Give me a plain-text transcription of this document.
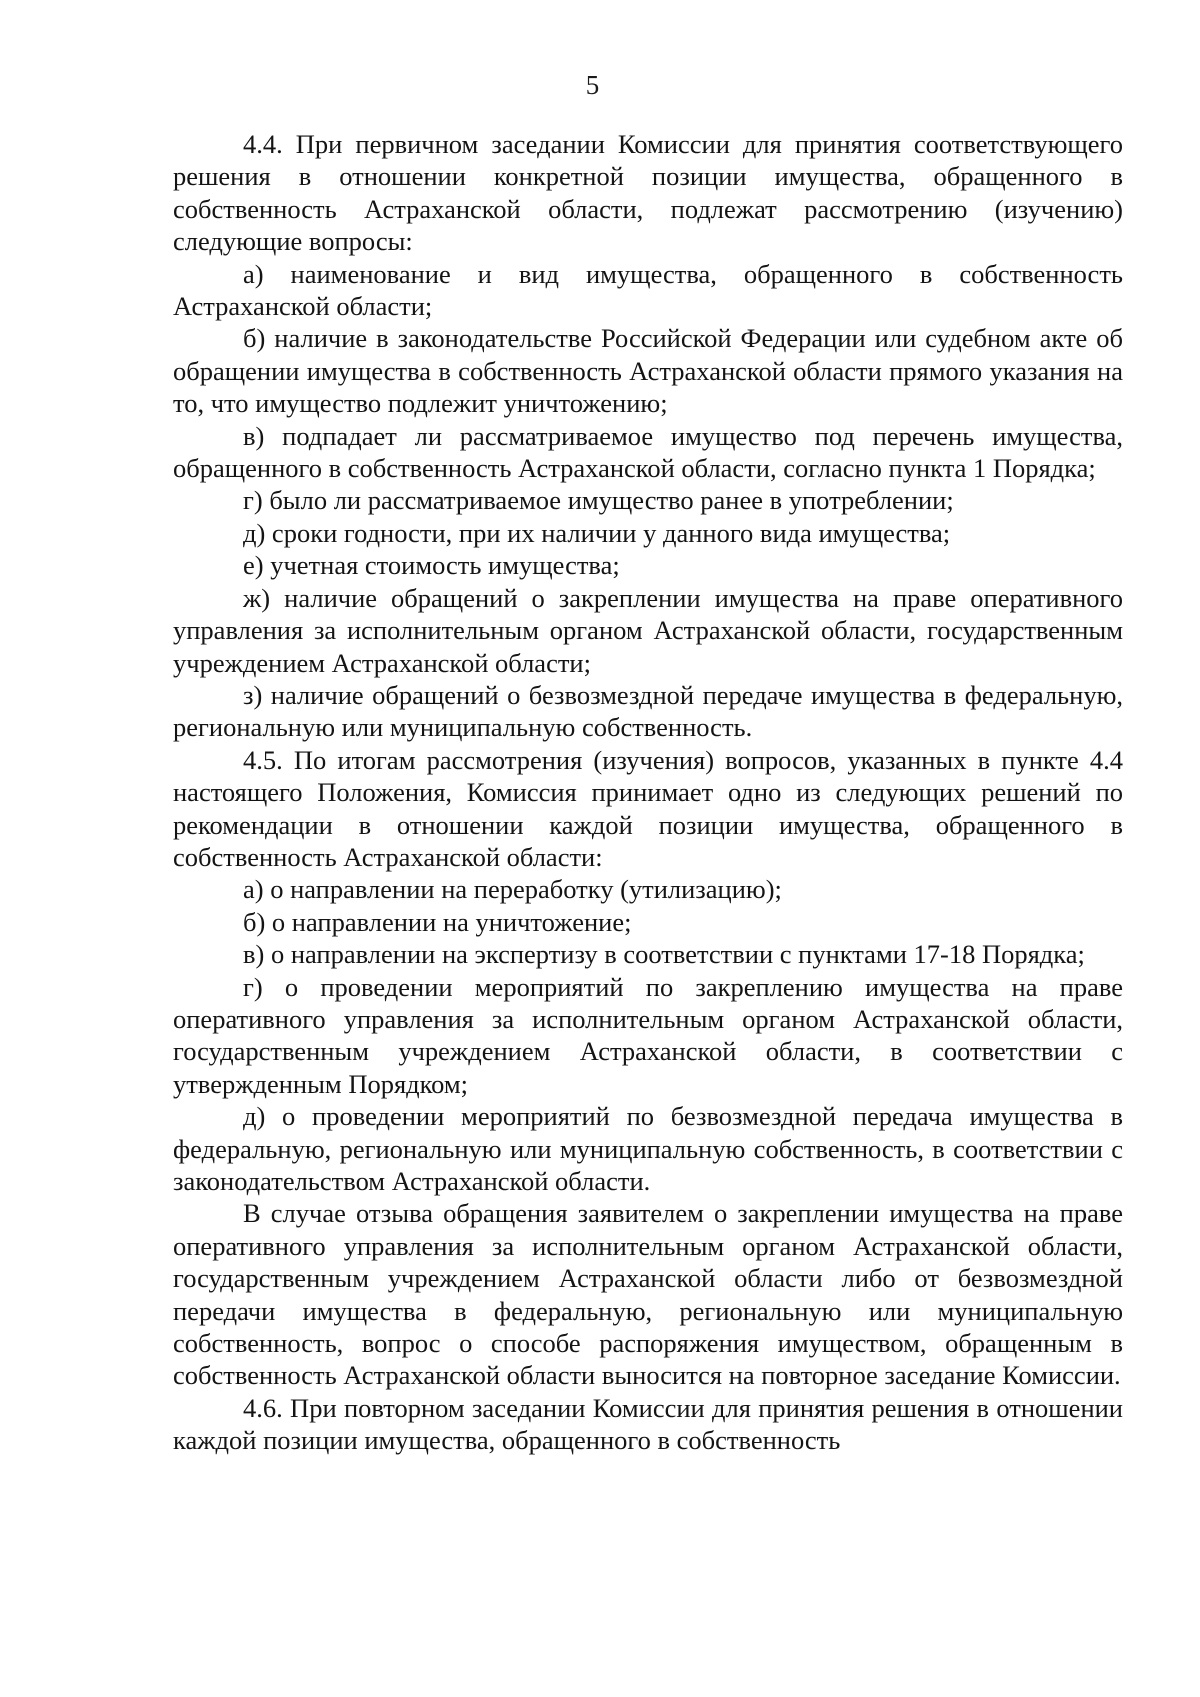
5

4.4. При первичном заседании Комиссии для принятия соответствующего решения в отношении конкретной позиции имущества, обращенного в собственность Астраханской области, подлежат рассмотрению (изучению) следующие вопросы:

а) наименование и вид имущества, обращенного в собственность Астраханской области;

б) наличие в законодательстве Российской Федерации или судебном акте об обращении имущества в собственность Астраханской области прямого указания на то, что имущество подлежит уничтожению;

в) подпадает ли рассматриваемое имущество под перечень имущества, обращенного в собственность Астраханской области, согласно пункта 1 Порядка;

г) было ли рассматриваемое имущество ранее в употреблении;

д) сроки годности, при их наличии у данного вида имущества;

е) учетная стоимость имущества;

ж) наличие обращений о закреплении имущества на праве оперативного управления за исполнительным органом Астраханской области, государственным учреждением Астраханской области;

з) наличие обращений о безвозмездной передаче имущества в федеральную, региональную или муниципальную собственность.

4.5. По итогам рассмотрения (изучения) вопросов, указанных в пункте 4.4 настоящего Положения, Комиссия принимает одно из следующих решений по рекомендации в отношении каждой позиции имущества, обращенного в собственность Астраханской области:

а) о направлении на переработку (утилизацию);

б) о направлении на уничтожение;

в) о направлении на экспертизу в соответствии с пунктами 17-18 Порядка;

г) о проведении мероприятий по закреплению имущества на праве оперативного управления за исполнительным органом Астраханской области, государственным учреждением Астраханской области, в соответствии с утвержденным Порядком;

д) о проведении мероприятий по безвозмездной передача имущества в федеральную, региональную или муниципальную собственность, в соответствии с законодательством Астраханской области.

В случае отзыва обращения заявителем о закреплении имущества на праве оперативного управления за исполнительным органом Астраханской области, государственным учреждением Астраханской области либо от безвозмездной передачи имущества в федеральную, региональную или муниципальную собственность, вопрос о способе распоряжения имуществом, обращенным в собственность Астраханской области выносится на повторное заседание Комиссии.

4.6. При повторном заседании Комиссии для принятия решения в отношении каждой позиции имущества, обращенного в собственность
